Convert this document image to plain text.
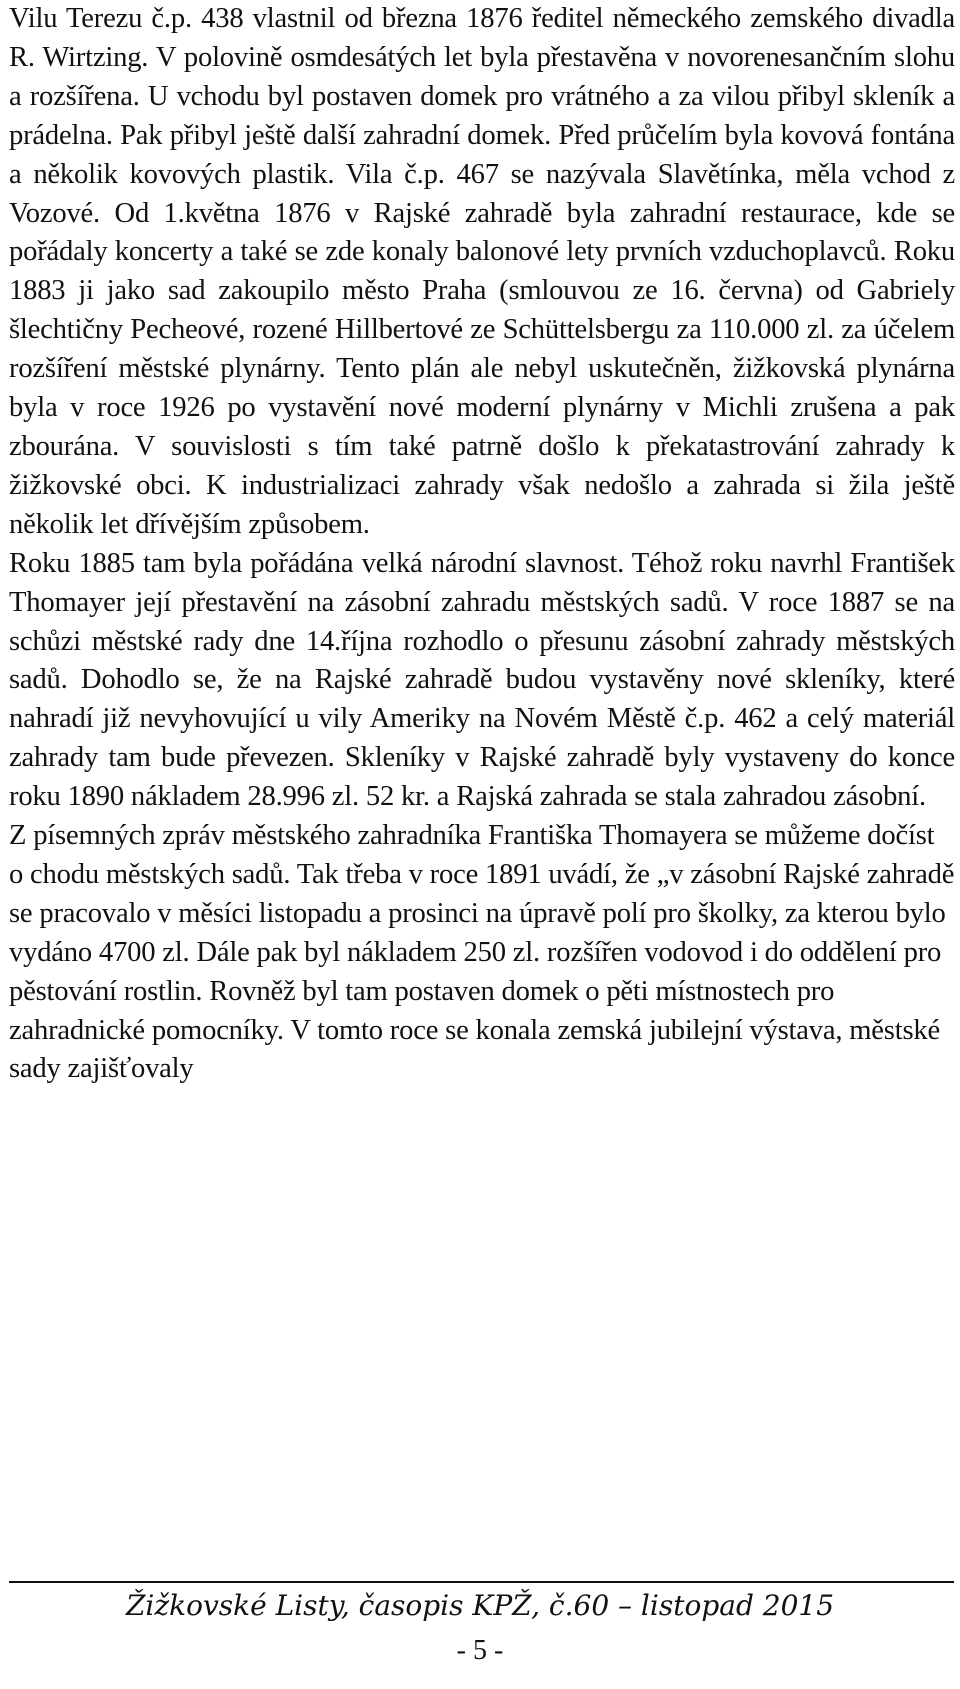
Vilu Terezu č.p. 438 vlastnil od března 1876 ředitel německého zemského divadla R. Wirtzing. V polovině osmdesátých let byla přestavěna v novorenesančním slohu a rozšířena. U vchodu byl postaven domek pro vrátného a za vilou přibyl skleník a prádelna. Pak přibyl ještě další zahradní domek. Před průčelím byla kovová fontána a několik kovových plastik. Vila č.p. 467 se nazývala Slavětínka, měla vchod z Vozové. Od 1.května 1876 v Rajské zahradě byla zahradní restaurace, kde se pořádaly koncerty a také se zde konaly balonové lety prvních vzduchoplavců. Roku 1883 ji jako sad zakoupilo město Praha (smlouvou ze 16. června) od Gabriely šlechtičny Pecheové, rozené Hillbertové ze Schüttelsbergu za 110.000 zl. za účelem rozšíření městské plynárny. Tento plán ale nebyl uskutečněn, žižkovská plynárna byla v roce 1926 po vystavění nové moderní plynárny v Michli zrušena a pak zbourána. V souvislosti s tím také patrně došlo k překatastrování zahrady k žižkovské obci. K industrializaci zahrady však nedošlo a zahrada si žila ještě několik let dřívějším způsobem.

Roku 1885 tam byla pořádána velká národní slavnost. Téhož roku navrhl František Thomayer její přestavění na zásobní zahradu městských sadů. V roce 1887 se na schůzi městské rady dne 14.října rozhodlo o přesunu zásobní zahrady městských sadů. Dohodlo se, že na Rajské zahradě budou vystavěny nové skleníky, které nahradí již nevyhovující u vily Ameriky na Novém Městě č.p. 462 a celý materiál zahrady tam bude převezen. Skleníky v Rajské zahradě byly vystaveny do konce roku 1890 nákladem 28.996 zl. 52 kr. a Rajská zahrada se stala zahradou zásobní.

Z písemných zpráv městského zahradníka Františka Thomayera se můžeme dočíst o chodu městských sadů. Tak třeba v roce 1891 uvádí, že „v zásobní Rajské zahradě se pracovalo v měsíci listopadu a prosinci na úpravě polí pro školky, za kterou bylo vydáno 4700 zl. Dále pak byl nákladem 250 zl. rozšířen vodovod i do oddělení pro pěstování rostlin. Rovněž byl tam postaven domek o pěti místnostech pro zahradnické pomocníky. V tomto roce se konala zemská jubilejní výstava, městské sady zajišťovaly

Žižkovské Listy, časopis KPŽ, č.60 – listopad 2015
- 5 -
